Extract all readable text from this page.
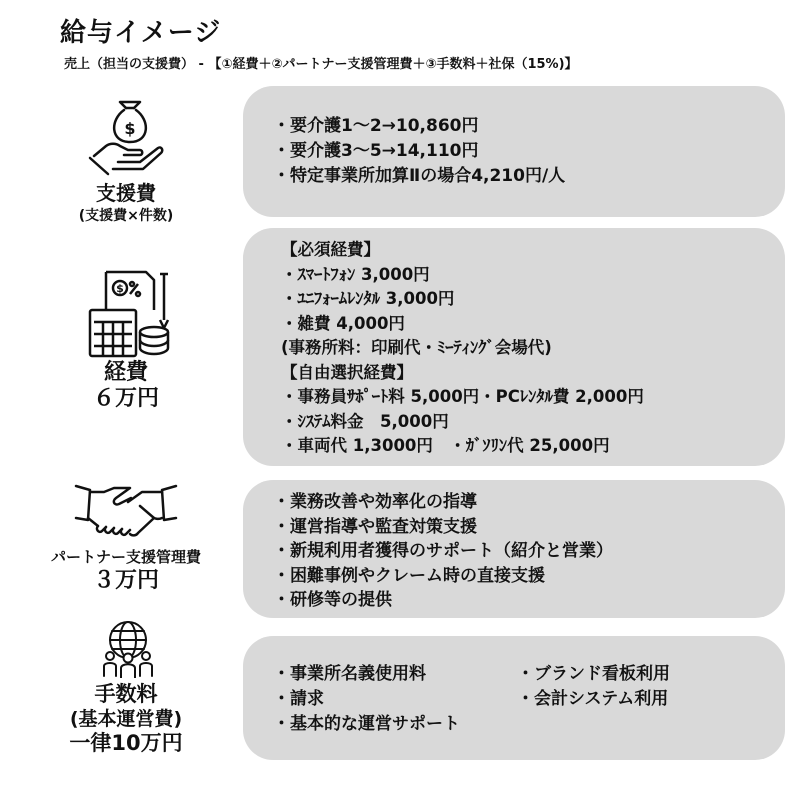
給与イメージ
売上（担当の支援費） - 【①経費＋②パートナー支援管理費＋③手数料＋社保（15%)】
$
支援費
(支援費×件数)
・要介護1～2→10,860円
・要介護3～5→14,110円
・特定事業所加算Ⅱの場合4,210円/人
$
経費
６万円
【必須経費】
・ｽﾏｰﾄﾌｫﾝ 3,000円
・ﾕﾆﾌｫｰﾑﾚﾝﾀﾙ 3,000円
・雑費 4,000円
(事務所料：印刷代・ﾐｰﾃｨﾝｸﾞ会場代)
【自由選択経費】
・事務員ｻﾎﾟｰﾄ料 5,000円・PCﾚﾝﾀﾙ費 2,000円
・ｼｽﾃﾑ料金　5,000円
・車両代 1,3000円　・ｶﾞｿﾘﾝ代 25,000円
パートナー支援管理費
３万円
・業務改善や効率化の指導
・運営指導や監査対策支援
・新規利用者獲得のサポート（紹介と営業）
・困難事例やクレーム時の直接支援
・研修等の提供
手数料
(基本運営費)
一律10万円
・事業所名義使用料	・ブランド看板利用
・請求	・会計システム利用
・基本的な運営サポート
